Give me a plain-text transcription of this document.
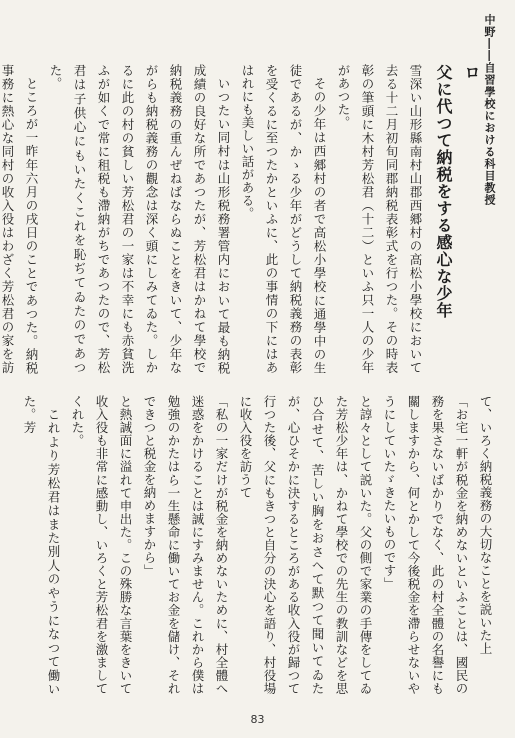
中野――自習學校における科目教授
ロ
父に代つて納税をする感心な少年

雪深い山形縣南村山郡西郷村の高松小學校において去る十二月初旬同郡納税表彰式を行つた。その時表彰の筆頭に木村芳松君（十二）といふ只一人の少年があつた。

その少年は西郷村の者で高松小學校に通學中の生徒であるが、かゝる少年がどうして納税義務の表彰を受くるに至つたかといふに、此の事情の下にはあはれにも美しい話がある。

いつたい同村は山形税務署管内において最も納税成績の良好な所であつたが、芳松君はかねて學校で納税義務の重んぜねばならぬことをきいて、少年ながらも納税義務の觀念は深く頭にしみてゐた。しかるに此の村の貧しい芳松君の一家は不幸にも赤貧洗ふが如くで常に租税も滯納がちであつたので、芳松君は子供心にもいたくこれを恥ぢてゐたのであつた。

ところが一昨年六月の戌日のことであつた。納税事務に熱心な同村の收入役はわざく芳松君の家を訪

て、いろく納税義務の大切なことを説いた上

「お宅一軒が税金を納めないといふことは、國民の務を果さないばかりでなく、此の村全體の名譽にも關しますから、何とかして今後税金を滯らせないやうにしていたゞきたいものです」

と諄々として説いた。父の側で家業の手傳をしてゐた芳松少年は、かねて學校での先生の教訓などを思ひ合せて、苦しい胸をおさへて默つて聞いてゐたが、心ひそかに決するところがある收入役が歸つて行つた後、父にもきつと自分の決心を語り、村役場に收入役を訪うて

「私の一家だけが税金を納めないために、村全體へ迷惑をかけることは誠にすみません。これから僕は勉強のかたはら一生懸命に働いてお金を儲け、それできつと税金を納めますから」

と熱誠面に溢れて申出た。この殊勝な言葉をきいて收入役も非常に感動し、いろくと芳松君を激ましてくれた。

これより芳松君はまた別人のやうになつて働いた。芳

83
